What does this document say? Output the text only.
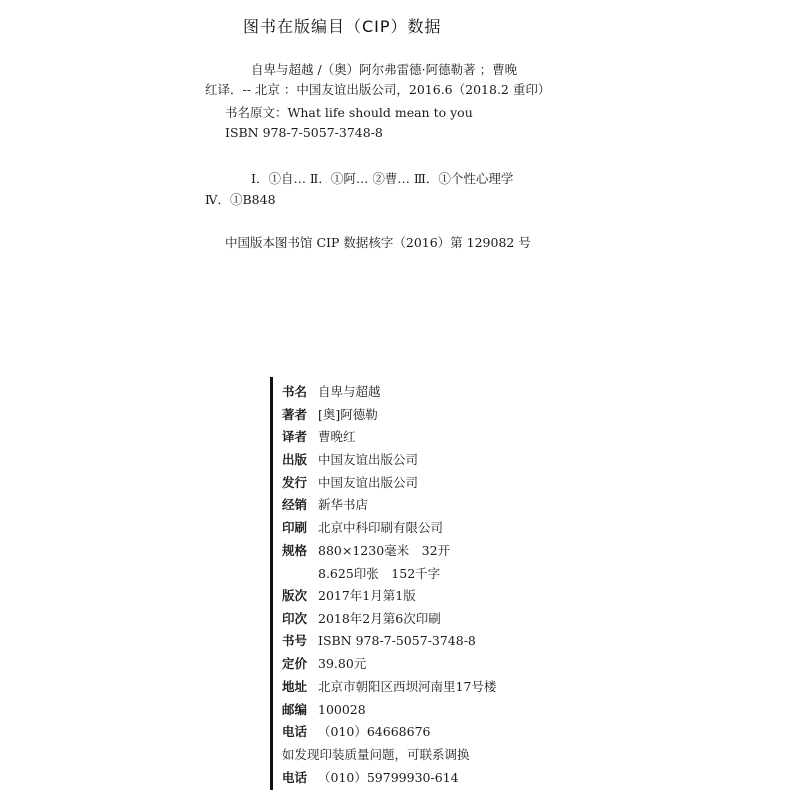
图书在版编目（CIP）数据
自卑与超越 /（奥）阿尔弗雷德·阿德勒著 ；曹晚
红译．-- 北京 ：中国友谊出版公司，2016.6（2018.2 重印）
书名原文：What life should mean to you
ISBN 978-7-5057-3748-8
Ⅰ．①自… Ⅱ．①阿… ②曹… Ⅲ．①个性心理学
Ⅳ．①B848
中国版本图书馆 CIP 数据核字（2016）第 129082 号
书名 自卑与超越
著者 [奥]阿德勒
译者 曹晚红
出版 中国友谊出版公司
发行 中国友谊出版公司
经销 新华书店
印刷 北京中科印刷有限公司
规格 880×1230毫米　32开
8.625印张　152千字
版次 2017年1月第1版
印次 2018年2月第6次印刷
书号 ISBN 978-7-5057-3748-8
定价 39.80元
地址 北京市朝阳区西坝河南里17号楼
邮编 100028
电话 （010）64668676
如发现印装质量问题，可联系调换
电话 （010）59799930-614
